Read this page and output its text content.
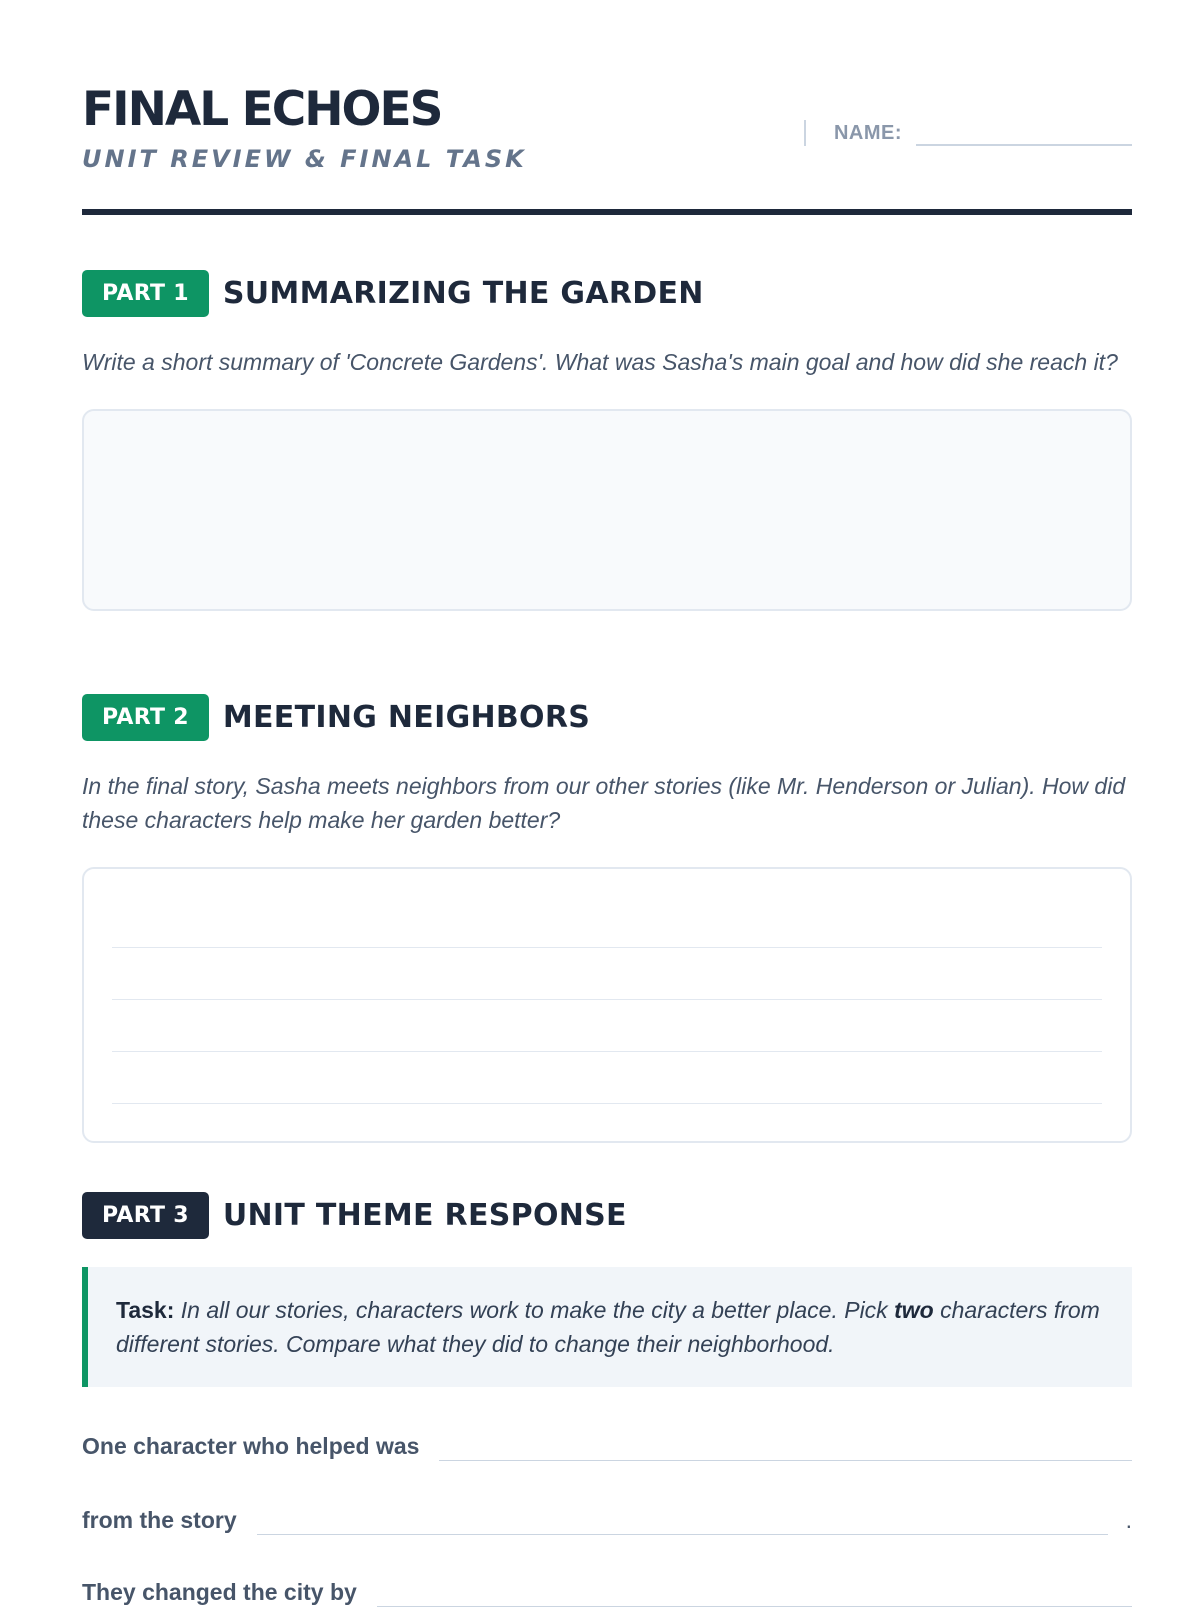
FINAL ECHOES
UNIT REVIEW & FINAL TASK
NAME:
PART 1	SUMMARIZING THE GARDEN

Write a short summary of 'Concrete Gardens'. What was Sasha's main goal and how did she reach it?

PART 2	MEETING NEIGHBORS

In the final story, Sasha meets neighbors from our other stories (like Mr. Henderson or Julian). How did these characters help make her garden better?

PART 3	UNIT THEME RESPONSE
Task: In all our stories, characters work to make the city a better place. Pick two characters from different stories. Compare what they did to change their neighborhood.
One character who helped was
from the story	.
They changed the city by
